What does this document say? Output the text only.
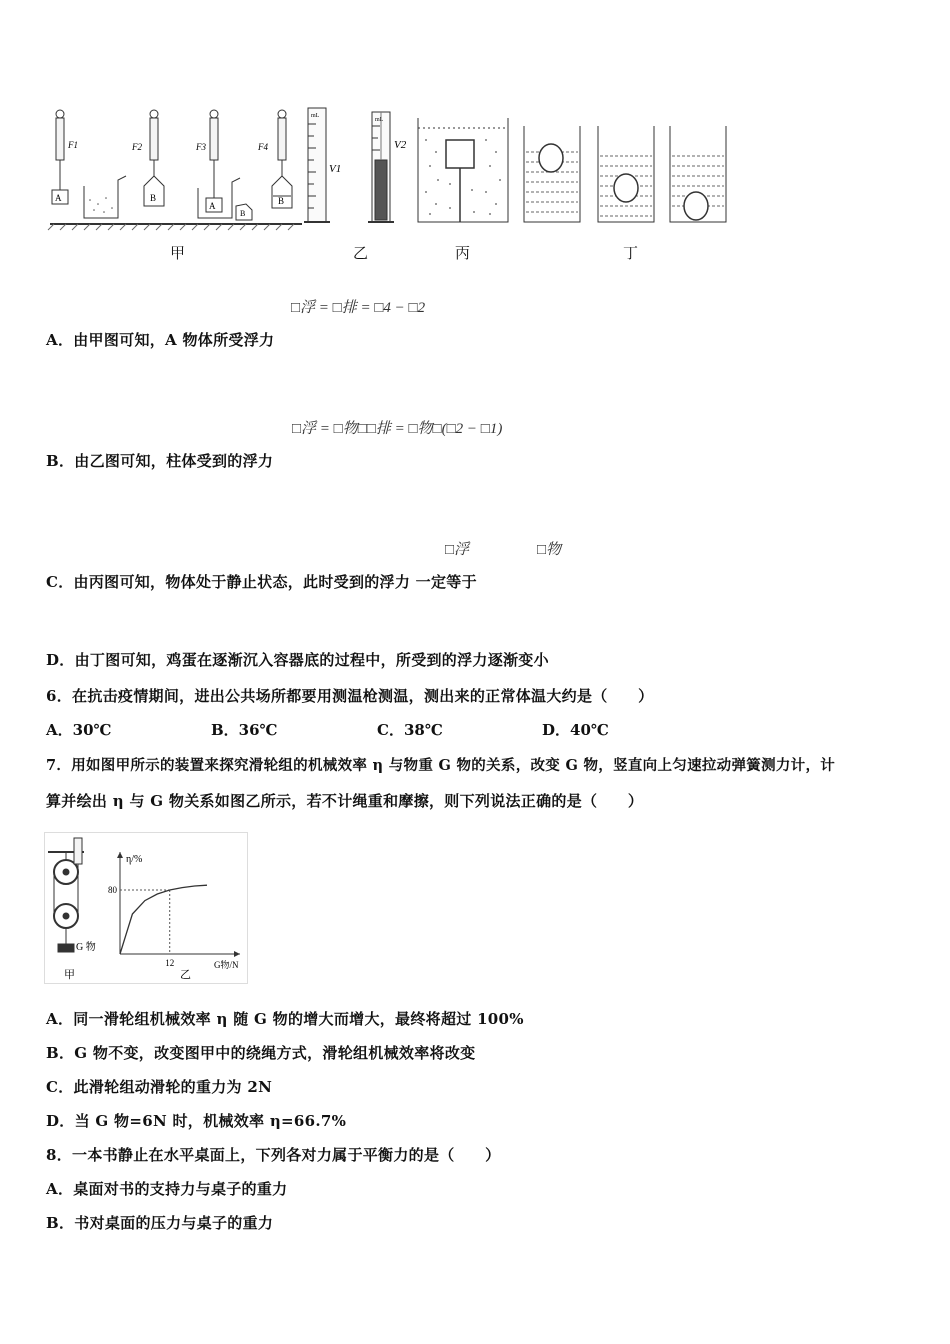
A
F1
B
F2
A
B
F3
B
F4
mL
V1
mL
V2
甲	乙	丙	丁
□浮 = □排 = □4 − □2
A．由甲图可知，A 物体所受浮力
□浮 = □物□□排 = □物□(□2 − □1)
B．由乙图可知，柱体受到的浮力
□浮	□物
C．由丙图可知，物体处于静止状态，此时受到的浮力 一定等于
D．由丁图可知，鸡蛋在逐渐沉入容器底的过程中，所受到的浮力逐渐变小
6．在抗击疫情期间，进出公共场所都要用测温枪测温，测出来的正常体温大约是（　　）
A．30℃	B．36℃	C．38℃	D．40℃
7．用如图甲所示的装置来探究滑轮组的机械效率 η 与物重 G 物的关系，改变 G 物，竖直向上匀速拉动弹簧测力计，计
算并绘出 η 与 G 物关系如图乙所示，若不计绳重和摩擦，则下列说法正确的是（　　）
G 物
甲
η/%
G物/N
乙
80
12
A．同一滑轮组机械效率 η 随 G 物的增大而增大，最终将超过 100%
B．G 物不变，改变图甲中的绕绳方式，滑轮组机械效率将改变
C．此滑轮组动滑轮的重力为 2N
D．当 G 物=6N 时，机械效率 η=66.7%
8．一本书静止在水平桌面上，下列各对力属于平衡力的是（　　）
A．桌面对书的支持力与桌子的重力
B．书对桌面的压力与桌子的重力
